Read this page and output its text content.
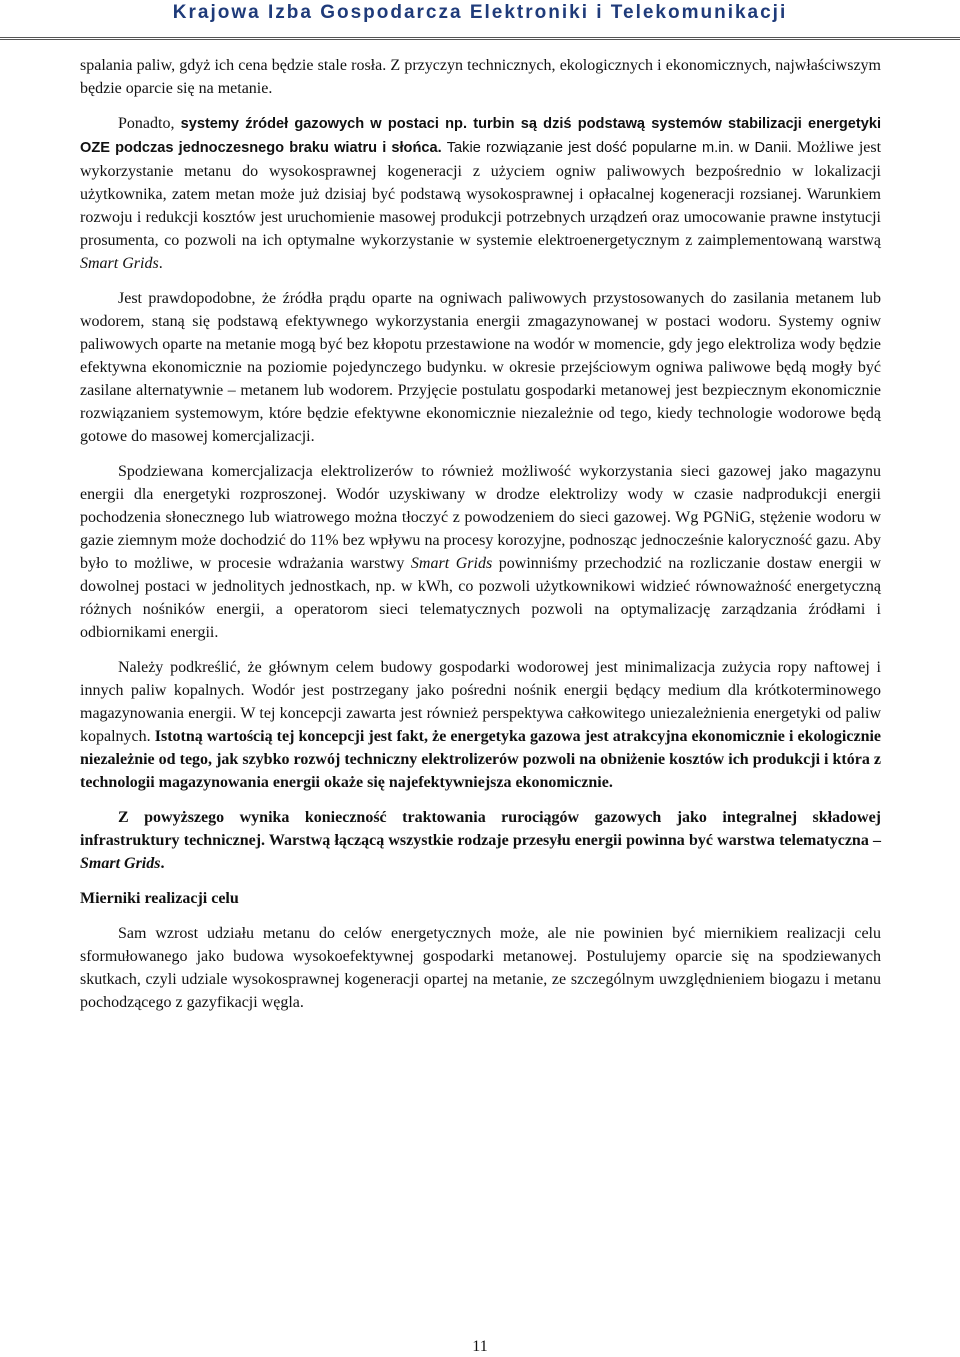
Krajowa Izba Gospodarcza Elektroniki i Telekomunikacji

spalania paliw, gdyż ich cena będzie stale rosła. Z przyczyn technicznych, ekologicznych i ekonomicznych, najwłaściwszym będzie oparcie się na metanie.

Ponadto, systemy źródeł gazowych w postaci np. turbin są dziś podstawą systemów stabilizacji energetyki OZE podczas jednoczesnego braku wiatru i słońca. Takie rozwiązanie jest dość popularne m.in. w Danii. Możliwe jest wykorzystanie metanu do wysokosprawnej kogeneracji z użyciem ogniw paliwowych bezpośrednio w lokalizacji użytkownika, zatem metan może już dzisiaj być podstawą wysokosprawnej i opłacalnej kogeneracji rozsianej. Warunkiem rozwoju i redukcji kosztów jest uruchomienie masowej produkcji potrzebnych urządzeń oraz umocowanie prawne instytucji prosumenta, co pozwoli na ich optymalne wykorzystanie w systemie elektroenergetycznym z zaimplementowaną warstwą Smart Grids.

Jest prawdopodobne, że źródła prądu oparte na ogniwach paliwowych przystosowanych do zasilania metanem lub wodorem, staną się podstawą efektywnego wykorzystania energii zmagazynowanej w postaci wodoru. Systemy ogniw paliwowych oparte na metanie mogą być bez kłopotu przestawione na wodór w momencie, gdy jego elektroliza wody będzie efektywna ekonomicznie na poziomie pojedynczego budynku. w okresie przejściowym ogniwa paliwowe będą mogły być zasilane alternatywnie – metanem lub wodorem. Przyjęcie postulatu gospodarki metanowej jest bezpiecznym ekonomicznie rozwiązaniem systemowym, które będzie efektywne ekonomicznie niezależnie od tego, kiedy technologie wodorowe będą gotowe do masowej komercjalizacji.

Spodziewana komercjalizacja elektrolizerów to również możliwość wykorzystania sieci gazowej jako magazynu energii dla energetyki rozproszonej. Wodór uzyskiwany w drodze elektrolizy wody w czasie nadprodukcji energii pochodzenia słonecznego lub wiatrowego można tłoczyć z powodzeniem do sieci gazowej. Wg PGNiG, stężenie wodoru w gazie ziemnym może dochodzić do 11% bez wpływu na procesy korozyjne, podnosząc jednocześnie kaloryczność gazu. Aby było to możliwe, w procesie wdrażania warstwy Smart Grids powinniśmy przechodzić na rozliczanie dostaw energii w dowolnej postaci w jednolitych jednostkach, np. w kWh, co pozwoli użytkownikowi widzieć równoważność energetyczną różnych nośników energii, a operatorom sieci telematycznych pozwoli na optymalizację zarządzania źródłami i odbiornikami energii.

Należy podkreślić, że głównym celem budowy gospodarki wodorowej jest minimalizacja zużycia ropy naftowej i innych paliw kopalnych. Wodór jest postrzegany jako pośredni nośnik energii będący medium dla krótkoterminowego magazynowania energii. W tej koncepcji zawarta jest również perspektywa całkowitego uniezależnienia energetyki od paliw kopalnych. Istotną wartością tej koncepcji jest fakt, że energetyka gazowa jest atrakcyjna ekonomicznie i ekologicznie niezależnie od tego, jak szybko rozwój techniczny elektrolizerów pozwoli na obniżenie kosztów ich produkcji i która z technologii magazynowania energii okaże się najefektywniejsza ekonomicznie.

Z powyższego wynika konieczność traktowania rurociągów gazowych jako integralnej składowej infrastruktury technicznej. Warstwą łączącą wszystkie rodzaje przesyłu energii powinna być warstwa telematyczna – Smart Grids.

Mierniki realizacji celu

Sam wzrost udziału metanu do celów energetycznych może, ale nie powinien być miernikiem realizacji celu sformułowanego jako budowa wysokoefektywnej gospodarki metanowej. Postulujemy oparcie się na spodziewanych skutkach, czyli udziale wysokosprawnej kogeneracji opartej na metanie, ze szczególnym uwzględnieniem biogazu i metanu pochodzącego z gazyfikacji węgla.

11
